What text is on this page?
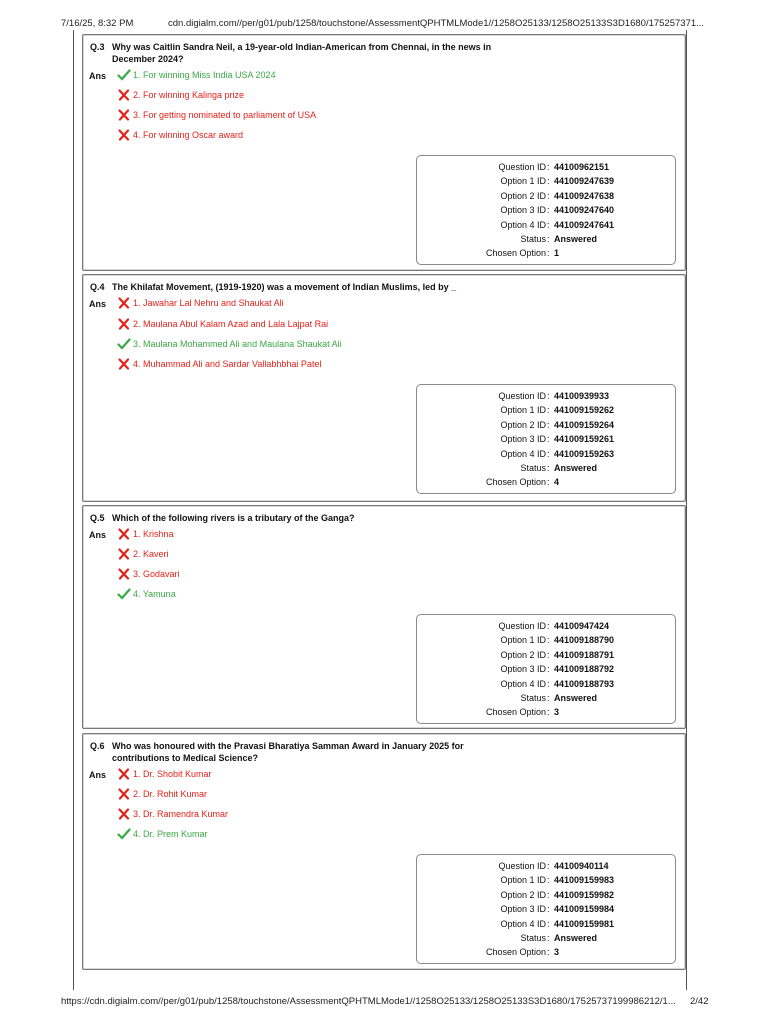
7/16/25, 8:32 PM	cdn.digialm.com//per/g01/pub/1258/touchstone/AssessmentQPHTMLMode1//1258O25133/1258O25133S3D1680/175257371...
Q.3 Why was Caitlin Sandra Neil, a 19-year-old Indian-American from Chennai, in the news in December 2024?
Ans	1. For winning Miss India USA 2024
2. For winning Kalinga prize
3. For getting nominated to parliament of USA
4. For winning Oscar award
Question ID : 44100962151
Option 1 ID : 441009247639
Option 2 ID : 441009247638
Option 3 ID : 441009247640
Option 4 ID : 441009247641
Status : Answered
Chosen Option : 1
Q.4 The Khilafat Movement, (1919-1920) was a movement of Indian Muslims, led by _
Ans	1. Jawahar Lal Nehru and Shaukat Ali
2. Maulana Abul Kalam Azad and Lala Lajpat Rai
3. Maulana Mohammed Ali and Maulana Shaukat Ali
4. Muhammad Ali and Sardar Vallabhbhai Patel
Question ID : 44100939933
Option 1 ID : 441009159262
Option 2 ID : 441009159264
Option 3 ID : 441009159261
Option 4 ID : 441009159263
Status : Answered
Chosen Option : 4
Q.5 Which of the following rivers is a tributary of the Ganga?
Ans	1. Krishna
2. Kaveri
3. Godavari
4. Yamuna
Question ID : 44100947424
Option 1 ID : 441009188790
Option 2 ID : 441009188791
Option 3 ID : 441009188792
Option 4 ID : 441009188793
Status : Answered
Chosen Option : 3
Q.6 Who was honoured with the Pravasi Bharatiya Samman Award in January 2025 for contributions to Medical Science?
Ans	1. Dr. Shobit Kumar
2. Dr. Rohit Kumar
3. Dr. Ramendra Kumar
4. Dr. Prem Kumar
Question ID : 44100940114
Option 1 ID : 441009159983
Option 2 ID : 441009159982
Option 3 ID : 441009159984
Option 4 ID : 441009159981
Status : Answered
Chosen Option : 3
https://cdn.digialm.com//per/g01/pub/1258/touchstone/AssessmentQPHTMLMode1//1258O25133/1258O25133S3D1680/17525737199986212/1... 2/42
